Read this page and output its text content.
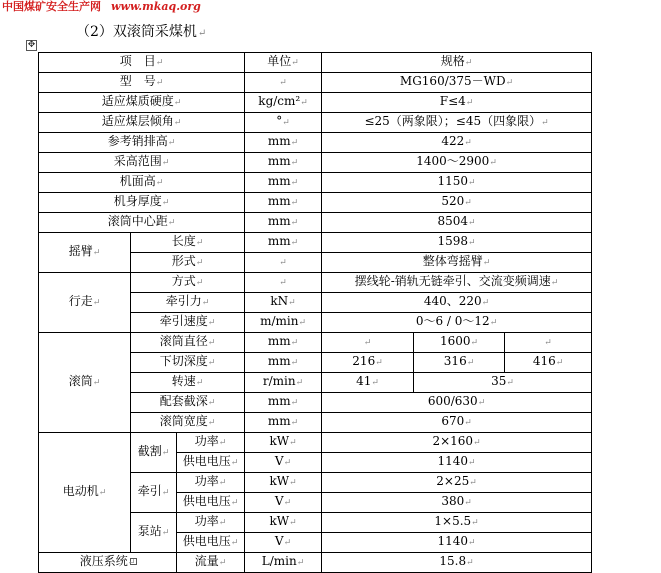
中国煤矿安全生产网 www.mkaq.org
（2）双滚筒采煤机↵
✥
项　目↵			单位↵	规格↵		
型　号↵			↵	MG160/375－WD↵		
适应煤质硬度↵			kg/cm²↵	F≤4↵		
适应煤层倾角↵			°↵	≤25（两象限）；≤45（四象限）↵		
参考销排高↵			mm↵	422↵		
采高范围↵			mm↵	1400～2900↵		
机面高↵			mm↵	1150↵		
机身厚度↵			mm↵	520↵		
滚筒中心距↵			mm↵	8504↵		
摇臂↵	长度↵		mm↵	1598↵		
	形式↵		↵	整体弯摇臂↵		
行走↵	方式↵		↵	摆线轮-销轨无链牵引、交流变频调速↵		
	牵引力↵		kN↵	440、220↵		
	牵引速度↵		m/min↵	0～6 / 0～12↵		
滚筒↵	滚筒直径↵		mm↵	↵	1600↵	↵
	下切深度↵		mm↵	216↵	316↵	416↵
	转速↵		r/min↵	41↵	35↵	
	配套截深↵		mm↵	600/630↵		
	滚筒宽度↵		mm↵	670↵		
电动机↵	截割↵	功率↵	kW↵	2×160↵		
		供电电压↵	V↵	1140↵		
	牵引↵	功率↵	kW↵	2×25↵		
		供电电压↵	V↵	380↵		
	泵站↵	功率↵	kW↵	1×5.5↵		
		供电电压↵	V↵	1140↵		
液压系统↵		流量↵	L/min↵	15.8↵		
